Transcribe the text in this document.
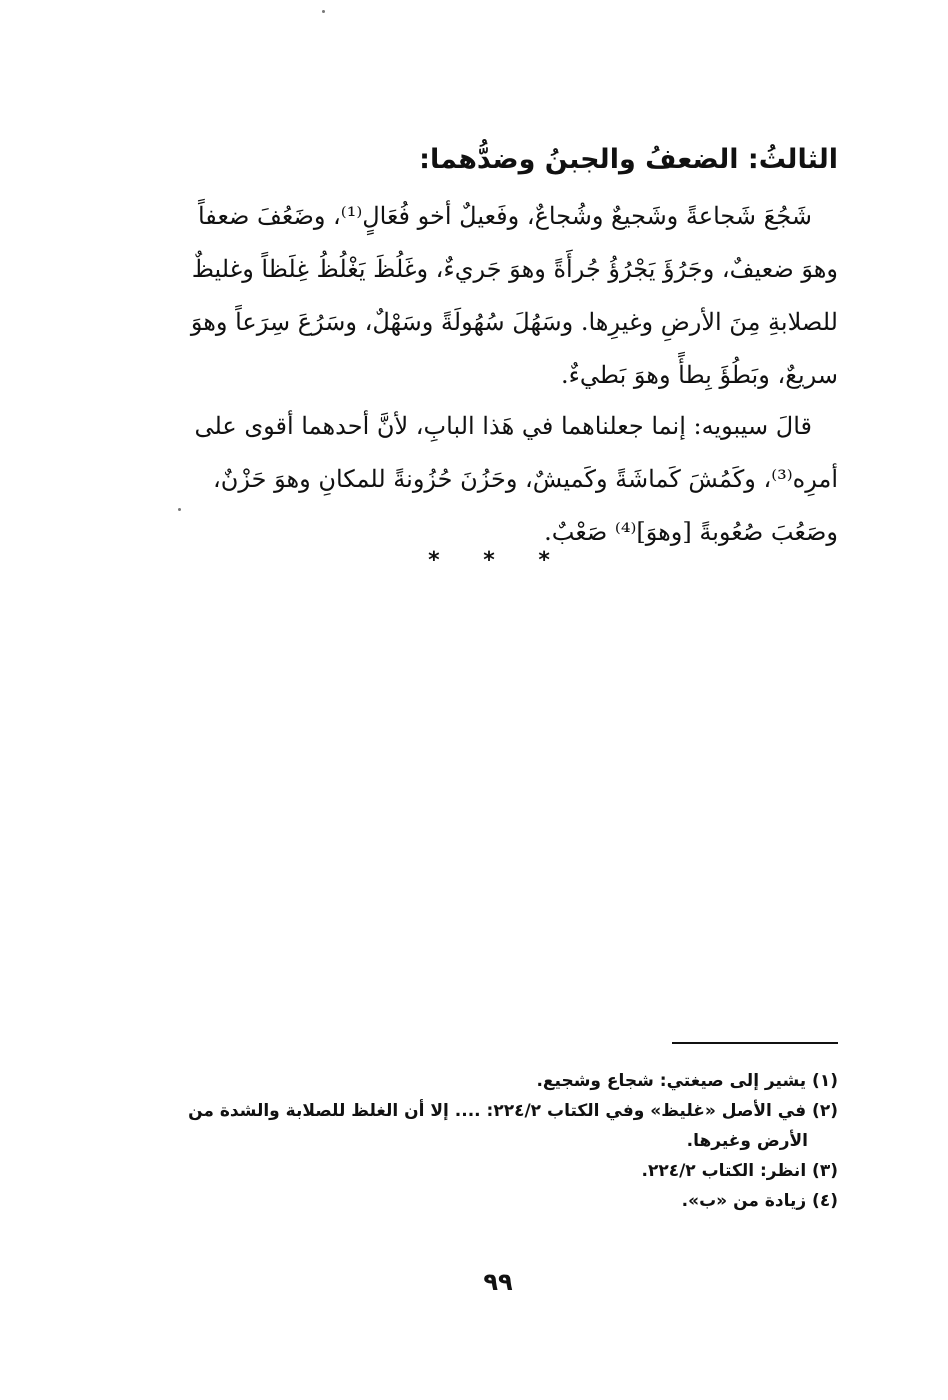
الثالثُ: الضعفُ والجبنُ وضدُّهما:

شَجُعَ شَجاعةً وشَجيعٌ وشُجاعٌ، وفَعيلٌ أخو فُعَالٍ⁽¹⁾، وضَعُفَ ضعفاً وهوَ ضعيفٌ، وجَرُؤَ يَجْرُؤُ جُرأَةً وهوَ جَريءٌ، وغَلُظَ يَغْلُظُ غِلَظاً وغليظٌ للصلابةِ مِنَ الأرضِ وغيرِها. وسَهُلَ سُهُولَةً وسَهْلٌ، وسَرُعَ سِرَعاً وهوَ سريعٌ، وبَطُؤَ بِطأً وهوَ بَطيءٌ.

قالَ سيبويه: إنما جعلناهما في هَذا البابِ، لأنَّ أحدهما أقوى على أمرِه⁽³⁾، وكَمُشَ كَماشَةً وكَميشٌ، وحَزُنَ حُزُونةً للمكانِ وهوَ حَزْنٌ، وصَعُبَ صُعُوبةً [وهوَ]⁽⁴⁾ صَعْبٌ.

* * *

(١) يشير إلى صيغتي: شجاع وشجيع.

(٢) في الأصل «غليظ» وفي الكتاب ٢٢٤/٢: .... إلا أن الغلظ للصلابة والشدة من

الأرض وغيرها.

(٣) انظر: الكتاب ٢٢٤/٢.

(٤) زيادة من «ب».

٩٩
